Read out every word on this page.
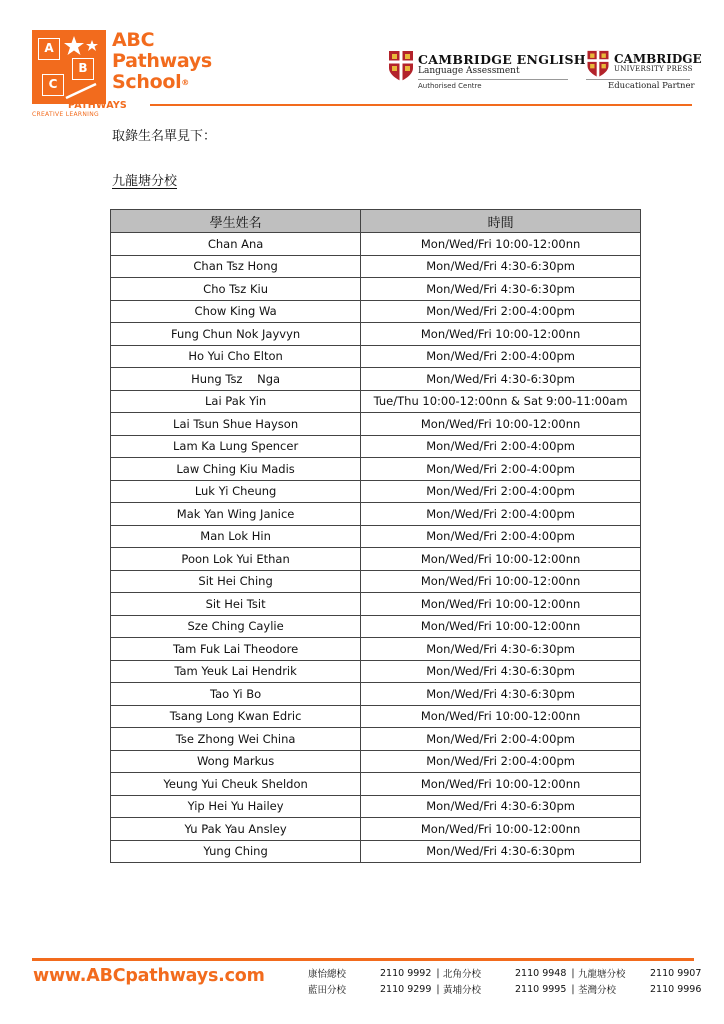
A
B
C
ABC
Pathways
School®
PATHWAYS
CREATIVE LEARNING
CAMBRIDGE ENGLISH
Language Assessment
Authorised Centre
CAMBRIDGE
UNIVERSITY PRESS
Educational Partner
取錄生名單見下：
九龍塘分校
學生姓名	時間
Chan Ana	Mon/Wed/Fri 10:00-12:00nn
Chan Tsz Hong	Mon/Wed/Fri 4:30-6:30pm
Cho Tsz Kiu	Mon/Wed/Fri 4:30-6:30pm
Chow King Wa	Mon/Wed/Fri 2:00-4:00pm
Fung Chun Nok Jayvyn	Mon/Wed/Fri 10:00-12:00nn
Ho Yui Cho Elton	Mon/Wed/Fri 2:00-4:00pm
Hung Tsz    Nga	Mon/Wed/Fri 4:30-6:30pm
Lai Pak Yin	Tue/Thu 10:00-12:00nn & Sat 9:00-11:00am
Lai Tsun Shue Hayson	Mon/Wed/Fri 10:00-12:00nn
Lam Ka Lung Spencer	Mon/Wed/Fri 2:00-4:00pm
Law Ching Kiu Madis	Mon/Wed/Fri 2:00-4:00pm
Luk Yi Cheung	Mon/Wed/Fri 2:00-4:00pm
Mak Yan Wing Janice	Mon/Wed/Fri 2:00-4:00pm
Man Lok Hin	Mon/Wed/Fri 2:00-4:00pm
Poon Lok Yui Ethan	Mon/Wed/Fri 10:00-12:00nn
Sit Hei Ching	Mon/Wed/Fri 10:00-12:00nn
Sit Hei Tsit	Mon/Wed/Fri 10:00-12:00nn
Sze Ching Caylie	Mon/Wed/Fri 10:00-12:00nn
Tam Fuk Lai Theodore	Mon/Wed/Fri 4:30-6:30pm
Tam Yeuk Lai Hendrik	Mon/Wed/Fri 4:30-6:30pm
Tao Yi Bo	Mon/Wed/Fri 4:30-6:30pm
Tsang Long Kwan Edric	Mon/Wed/Fri 10:00-12:00nn
Tse Zhong Wei China	Mon/Wed/Fri 2:00-4:00pm
Wong Markus	Mon/Wed/Fri 2:00-4:00pm
Yeung Yui Cheuk Sheldon	Mon/Wed/Fri 10:00-12:00nn
Yip Hei Yu Hailey	Mon/Wed/Fri 4:30-6:30pm
Yu Pak Yau Ansley	Mon/Wed/Fri 10:00-12:00nn
Yung Ching	Mon/Wed/Fri 4:30-6:30pm
www.ABCpathways.com	康怡總校	2110 9992 | 北角分校	2110 9948 | 九龍塘分校	2110 9907
藍田分校	2110 9299 | 黃埔分校	2110 9995 | 荃灣分校	2110 9996
